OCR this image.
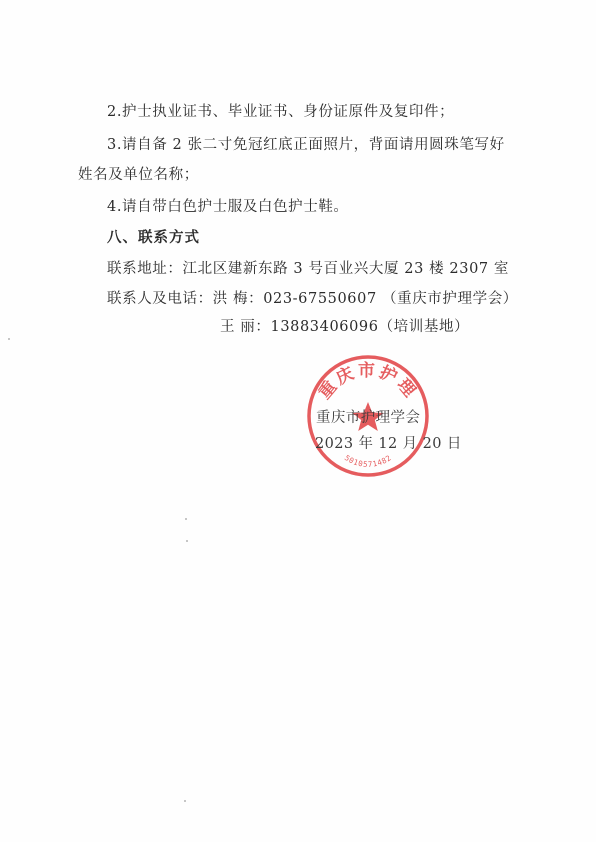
2.护士执业证书、毕业证书、身份证原件及复印件；
3.请自备 2 张二寸免冠红底正面照片，背面请用圆珠笔写好
姓名及单位名称；
4.请自带白色护士服及白色护士鞋。
八、联系方式
联系地址：江北区建新东路 3 号百业兴大厦 23 楼 2307 室
联系人及电话：洪 梅：023-67550607 （重庆市护理学会）
王 丽：13883406096（培训基地）
重庆市护理
5010571482
重庆市护理学会
2023 年 12 月 20 日
